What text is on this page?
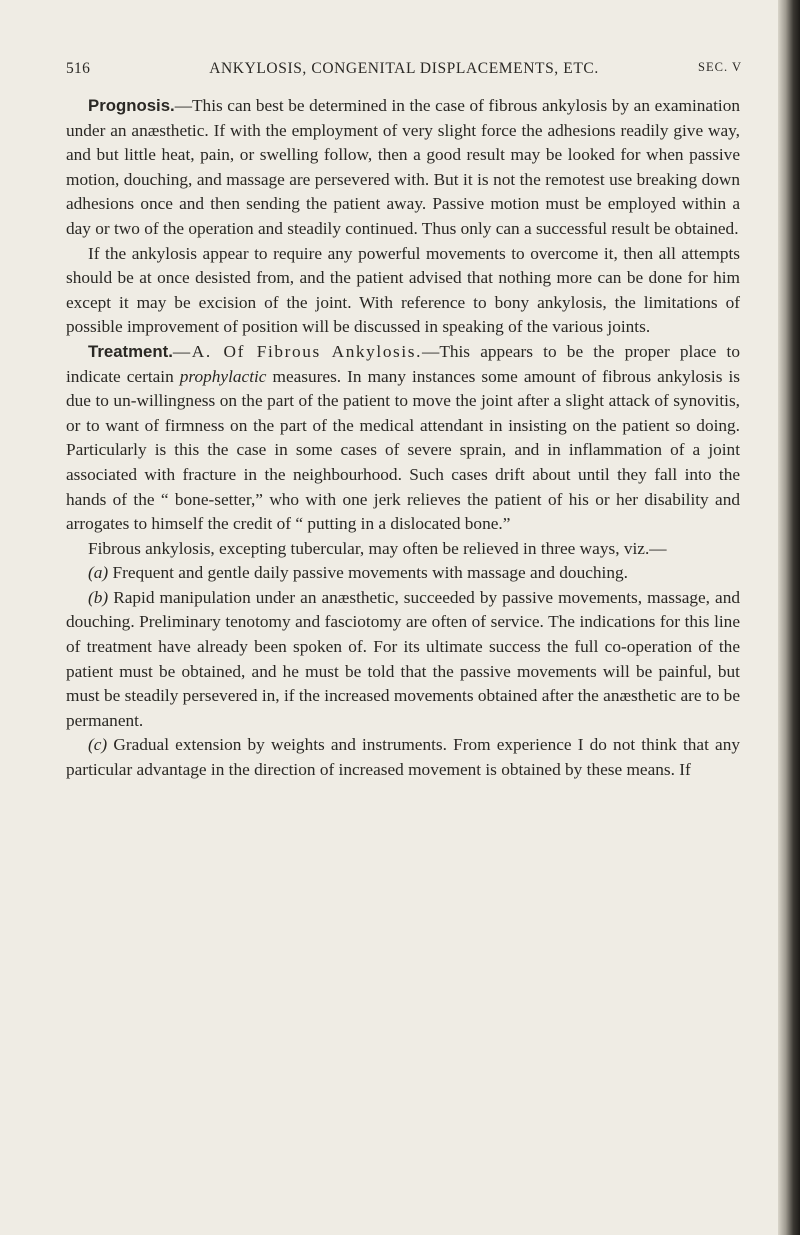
516	ANKYLOSIS, CONGENITAL DISPLACEMENTS, ETC.	SEC. V

Prognosis.—This can best be determined in the case of fibrous ankylosis by an examination under an anæsthetic. If with the employment of very slight force the adhesions readily give way, and but little heat, pain, or swelling follow, then a good result may be looked for when passive motion, douching, and massage are persevered with. But it is not the remotest use breaking down adhesions once and then sending the patient away. Passive motion must be employed within a day or two of the operation and steadily continued. Thus only can a successful result be obtained.

If the ankylosis appear to require any powerful movements to overcome it, then all attempts should be at once desisted from, and the patient advised that nothing more can be done for him except it may be excision of the joint. With reference to bony ankylosis, the limitations of possible improvement of position will be discussed in speaking of the various joints.

Treatment.—A. Of Fibrous Ankylosis.—This appears to be the proper place to indicate certain prophylactic measures. In many instances some amount of fibrous ankylosis is due to un-willingness on the part of the patient to move the joint after a slight attack of synovitis, or to want of firmness on the part of the medical attendant in insisting on the patient so doing. Particularly is this the case in some cases of severe sprain, and in inflammation of a joint associated with fracture in the neighbourhood. Such cases drift about until they fall into the hands of the “ bone-setter,” who with one jerk relieves the patient of his or her disability and arrogates to himself the credit of “ putting in a dislocated bone.”

Fibrous ankylosis, excepting tubercular, may often be relieved in three ways, viz.—

(a) Frequent and gentle daily passive movements with massage and douching.

(b) Rapid manipulation under an anæsthetic, succeeded by passive movements, massage, and douching. Preliminary tenotomy and fasciotomy are often of service. The indications for this line of treatment have already been spoken of. For its ultimate success the full co-operation of the patient must be obtained, and he must be told that the passive movements will be painful, but must be steadily persevered in, if the increased movements obtained after the anæsthetic are to be permanent.

(c) Gradual extension by weights and instruments. From experience I do not think that any particular advantage in the direction of increased movement is obtained by these means. If
